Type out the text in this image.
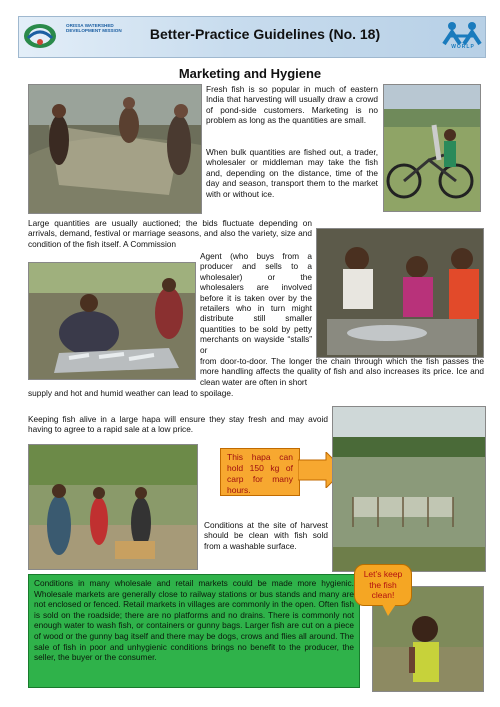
ORISSA WATERSHED DEVELOPMENT MISSION	Better-Practice Guidelines (No. 18)
WORLP
Marketing and Hygiene
Fresh fish is so popular in much of eastern India that harvesting will usually draw a crowd of pond-side customers. Marketing is no problem as long as the quantities are small.
When bulk quantities are fished out, a trader, wholesaler or middleman may take the fish and, depending on the distance, time of the day and season, transport them to the market with or without ice.
Large quantities are usually auctioned; the bids fluctuate depending on arrivals, demand, festival or marriage seasons, and also the variety, size and condition of the fish itself. A Commission
Agent (who buys from a producer and sells to a wholesaler) or the wholesalers are involved before it is taken over by the retailers who in turn might distribute still smaller quantities to be sold by petty merchants on wayside “stalls” or
from door-to-door. The longer the chain through which the fish passes the more handling affects the quality of fish and also increases its price. Ice and clean water are often in short
supply and hot and humid weather can lead to spoilage.
Keeping fish alive in a large hapa will ensure they stay fresh and may avoid having to agree to a rapid sale at a low price.
This hapa can hold 150 kg of carp for many hours.
Conditions at the site of harvest should be clean with fish sold from a washable surface.
Conditions in many wholesale and retail markets could be made more hygienic. Wholesale markets are generally close to railway stations or bus stands and many are not enclosed or fenced. Retail markets in villages are commonly in the open. Often fish is sold on the roadside; there are no platforms and no drains. There is commonly not enough water to wash fish, or containers or gunny bags. Larger fish are cut on a piece of wood or the gunny bag itself and there may be dogs, crows and flies all around. The sale of fish in poor and unhygienic conditions brings no benefit to the producer, the seller, the buyer or the consumer.
Let’s keep the fish clean!
